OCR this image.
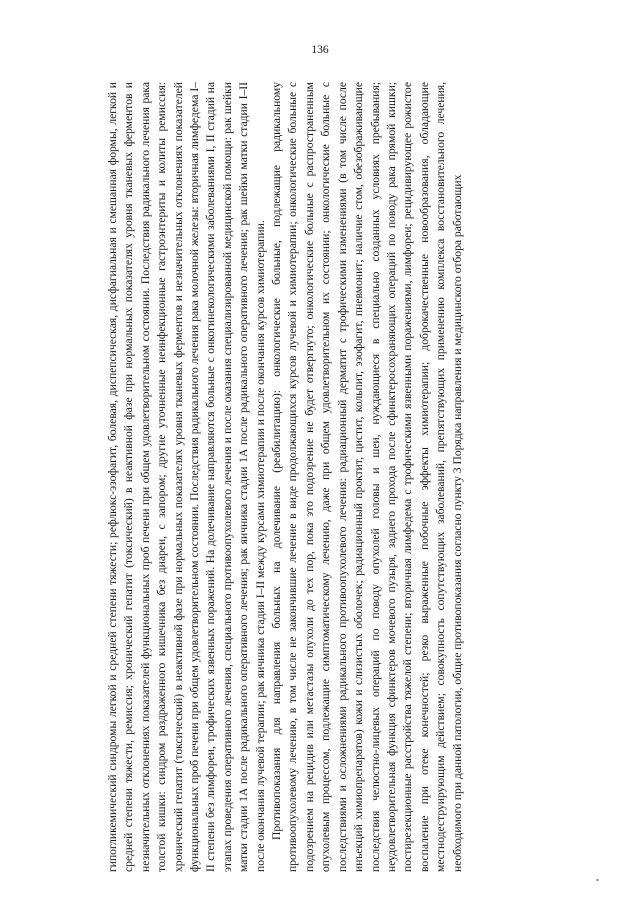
136

гипогликемический синдромы легкой и средней степени тяжести; рефлюкс-эзофагит, болевая, диспепсическая, дисфагиальная и смешанная формы, легкой и средней степени тяжести, ремиссия; хронический гепатит (токсический) в неактивной фазе при нормальных показателях уровня тканевых ферментов и незначительных отклонениях показателей функциональных проб печени при общем удовлетворительном состоянии. Последствия радикального лечения рака толстой кишки: синдром раздраженного кишечника без диареи, с запором; другие уточненные неинфекционные гастроэнтериты и колиты ремиссия: хронический гепатит (токсический) в неактивной фазе при нормальных показателях уровня тканевых ферментов и незначительных отклонениях показателей функциональных проб печени при общем удовлетворительном состоянии. Последствия радикального лечения рака молочной железы: вторичная лимфедема I–II степени без лимфореи, трофических язвенных поражений. На долечивание направляются больные с онкогинекологическими заболеваниями I, II стадий на этапах проведения оперативного лечения, специального противоопухолевого лечения и после оказания специализированной медицинской помощи: рак шейки матки стадии 1А после радикального оперативного лечения; рак яичника стадии 1А после радикального оперативного лечения; рак шейки матки стадии I–II после окончания лучевой терапии; рак яичника стадии I–II между курсами химиотерапии и после окончания курсов химиотерапии. Противопоказания для направления больных на долечивание (реабилитацию): онкологические больные, подлежащие радикальному противоопухолевому лечению, в том числе не закончившие лечение в виде продолжающихся курсов лучевой и химиотерапии; онкологические больные с подозрением на рецидив или метастазы опухоли до тех пор, пока это подозрение не будет отвергнуто; онкологические больные с распространенным опухолевым процессом, подлежащие симптоматическому лечению, даже при общем удовлетворительном их состоянии; онкологические больные с последствиями и осложнениями радикального противоопухолевого лечения: радиационный дерматит с трофическими изменениями (в том числе после инъекций химиопрепаратов) кожи и слизистых оболочек; радиационный проктит, цистит, кольпит, эзофагит, пневмонит; наличие стом, обезображивающие последствия челюстно-лицевых операций по поводу опухолей головы и шеи, нуждающиеся в специально созданных условиях пребывания; неудовлетворительная функция сфинктеров мочевого пузыря, заднего прохода после сфинктеросохраняющих операций по поводу рака прямой кишки; постирезекционные расстройства тяжелой степени; вторичная лимфедема с трофическими язвенными поражениями, лимфореи; рецидивирующее рожистое воспаление при отеке конечностей; резко выраженные побочные эффекты химиотерапии; доброкачественные новообразования, обладающие местнодеструирующим действием; совокупность сопутствующих заболеваний, препятствующих применению комплекса восстановительного лечения, необходимого при данной патологии, общие противопоказания согласно пункту 3 Порядка направления и медицинского отбора работающих
